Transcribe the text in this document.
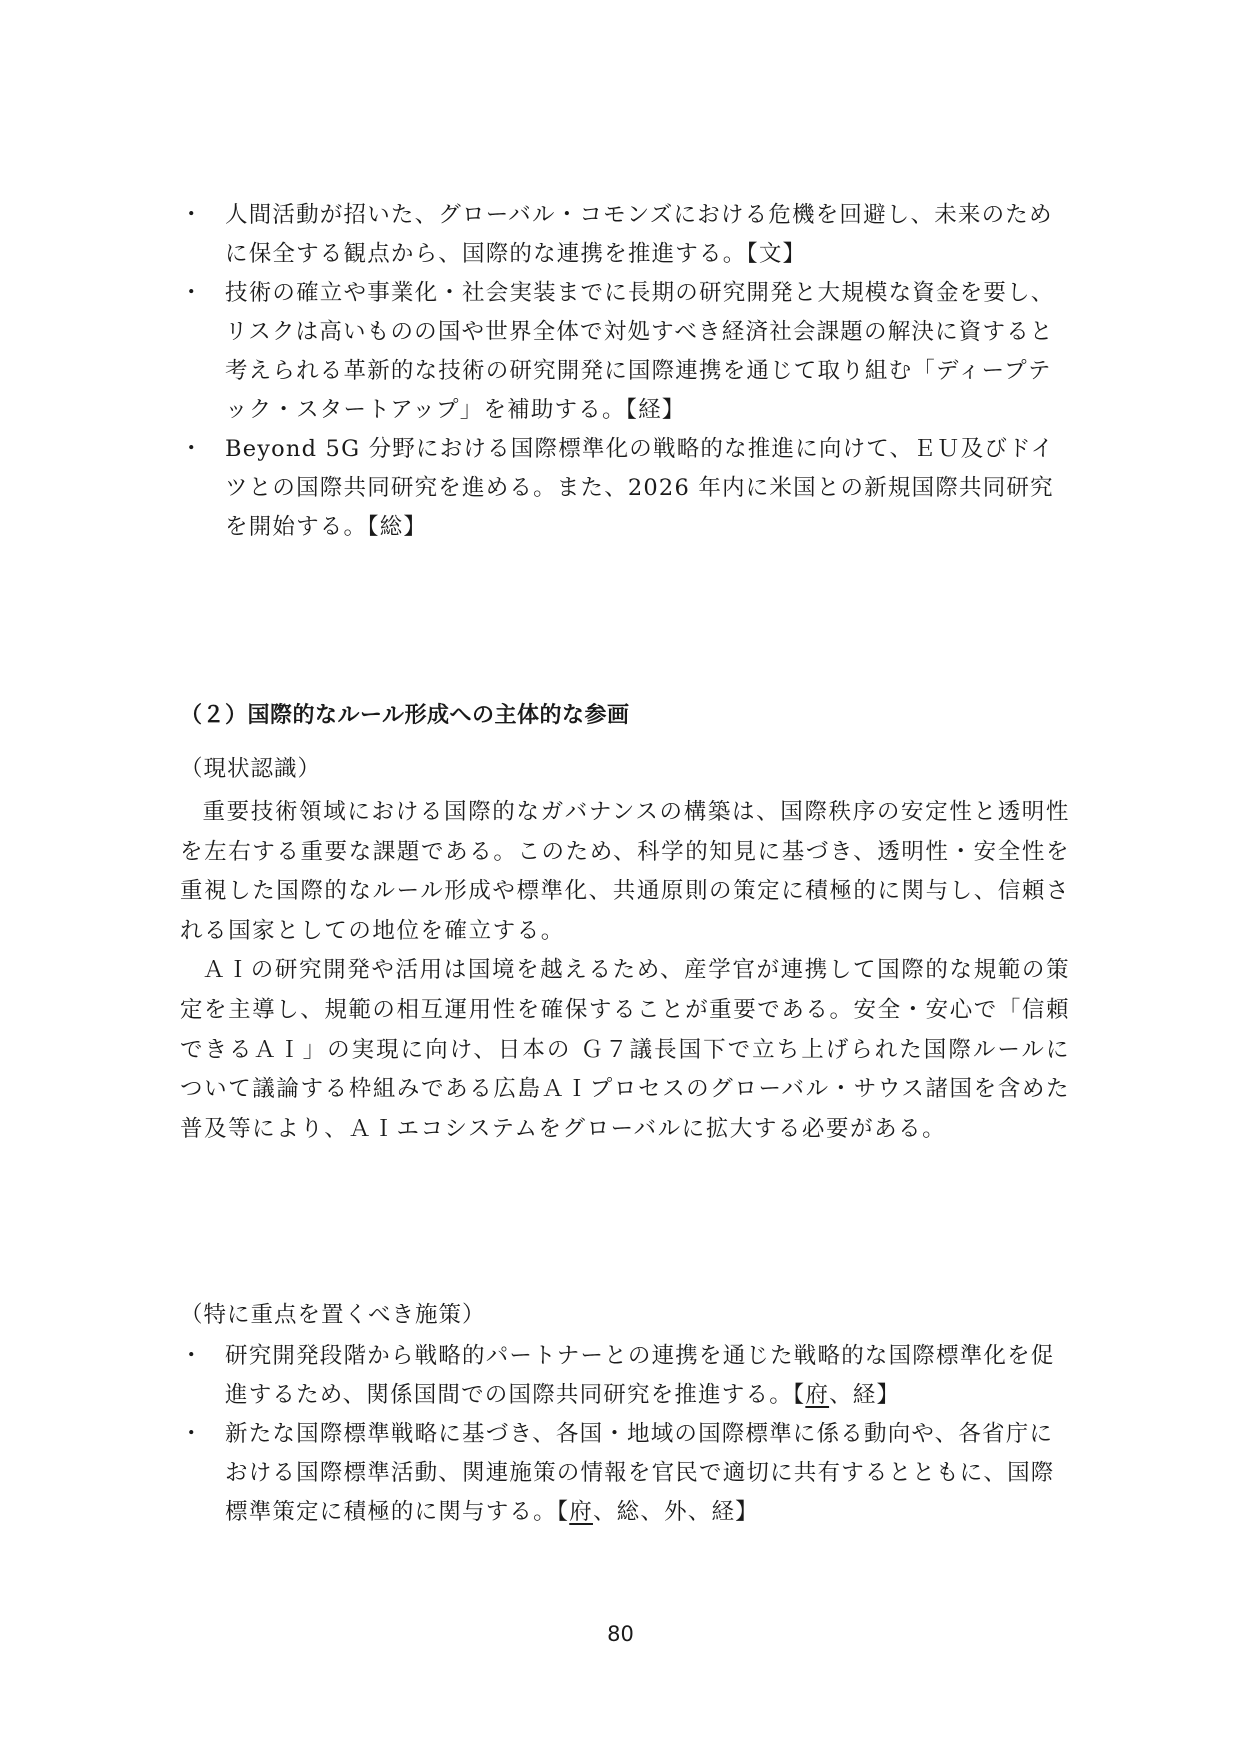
・ 人間活動が招いた、グローバル・コモンズにおける危機を回避し、未来のために保全する観点から、国際的な連携を推進する。【文】
・ 技術の確立や事業化・社会実装までに長期の研究開発と大規模な資金を要し、リスクは高いものの国や世界全体で対処すべき経済社会課題の解決に資すると考えられる革新的な技術の研究開発に国際連携を通じて取り組む「ディープテック・スタートアップ」を補助する。【経】
・ Beyond 5G 分野における国際標準化の戦略的な推進に向けて、ＥＵ及びドイツとの国際共同研究を進める。また、2026 年内に米国との新規国際共同研究を開始する。【総】
（２）国際的なルール形成への主体的な参画

（現状認識）

重要技術領域における国際的なガバナンスの構築は、国際秩序の安定性と透明性を左右する重要な課題である。このため、科学的知見に基づき、透明性・安全性を重視した国際的なルール形成や標準化、共通原則の策定に積極的に関与し、信頼される国家としての地位を確立する。

ＡＩの研究開発や活用は国境を越えるため、産学官が連携して国際的な規範の策定を主導し、規範の相互運用性を確保することが重要である。安全・安心で「信頼できるＡＩ」の実現に向け、日本の Ｇ７議長国下で立ち上げられた国際ルールについて議論する枠組みである広島ＡＩプロセスのグローバル・サウス諸国を含めた普及等により、ＡＩエコシステムをグローバルに拡大する必要がある。

（特に重点を置くべき施策）

・ 研究開発段階から戦略的パートナーとの連携を通じた戦略的な国際標準化を促進するため、関係国間での国際共同研究を推進する。【府、経】
・ 新たな国際標準戦略に基づき、各国・地域の国際標準に係る動向や、各省庁における国際標準活動、関連施策の情報を官民で適切に共有するとともに、国際標準策定に積極的に関与する。【府、総、外、経】
80
